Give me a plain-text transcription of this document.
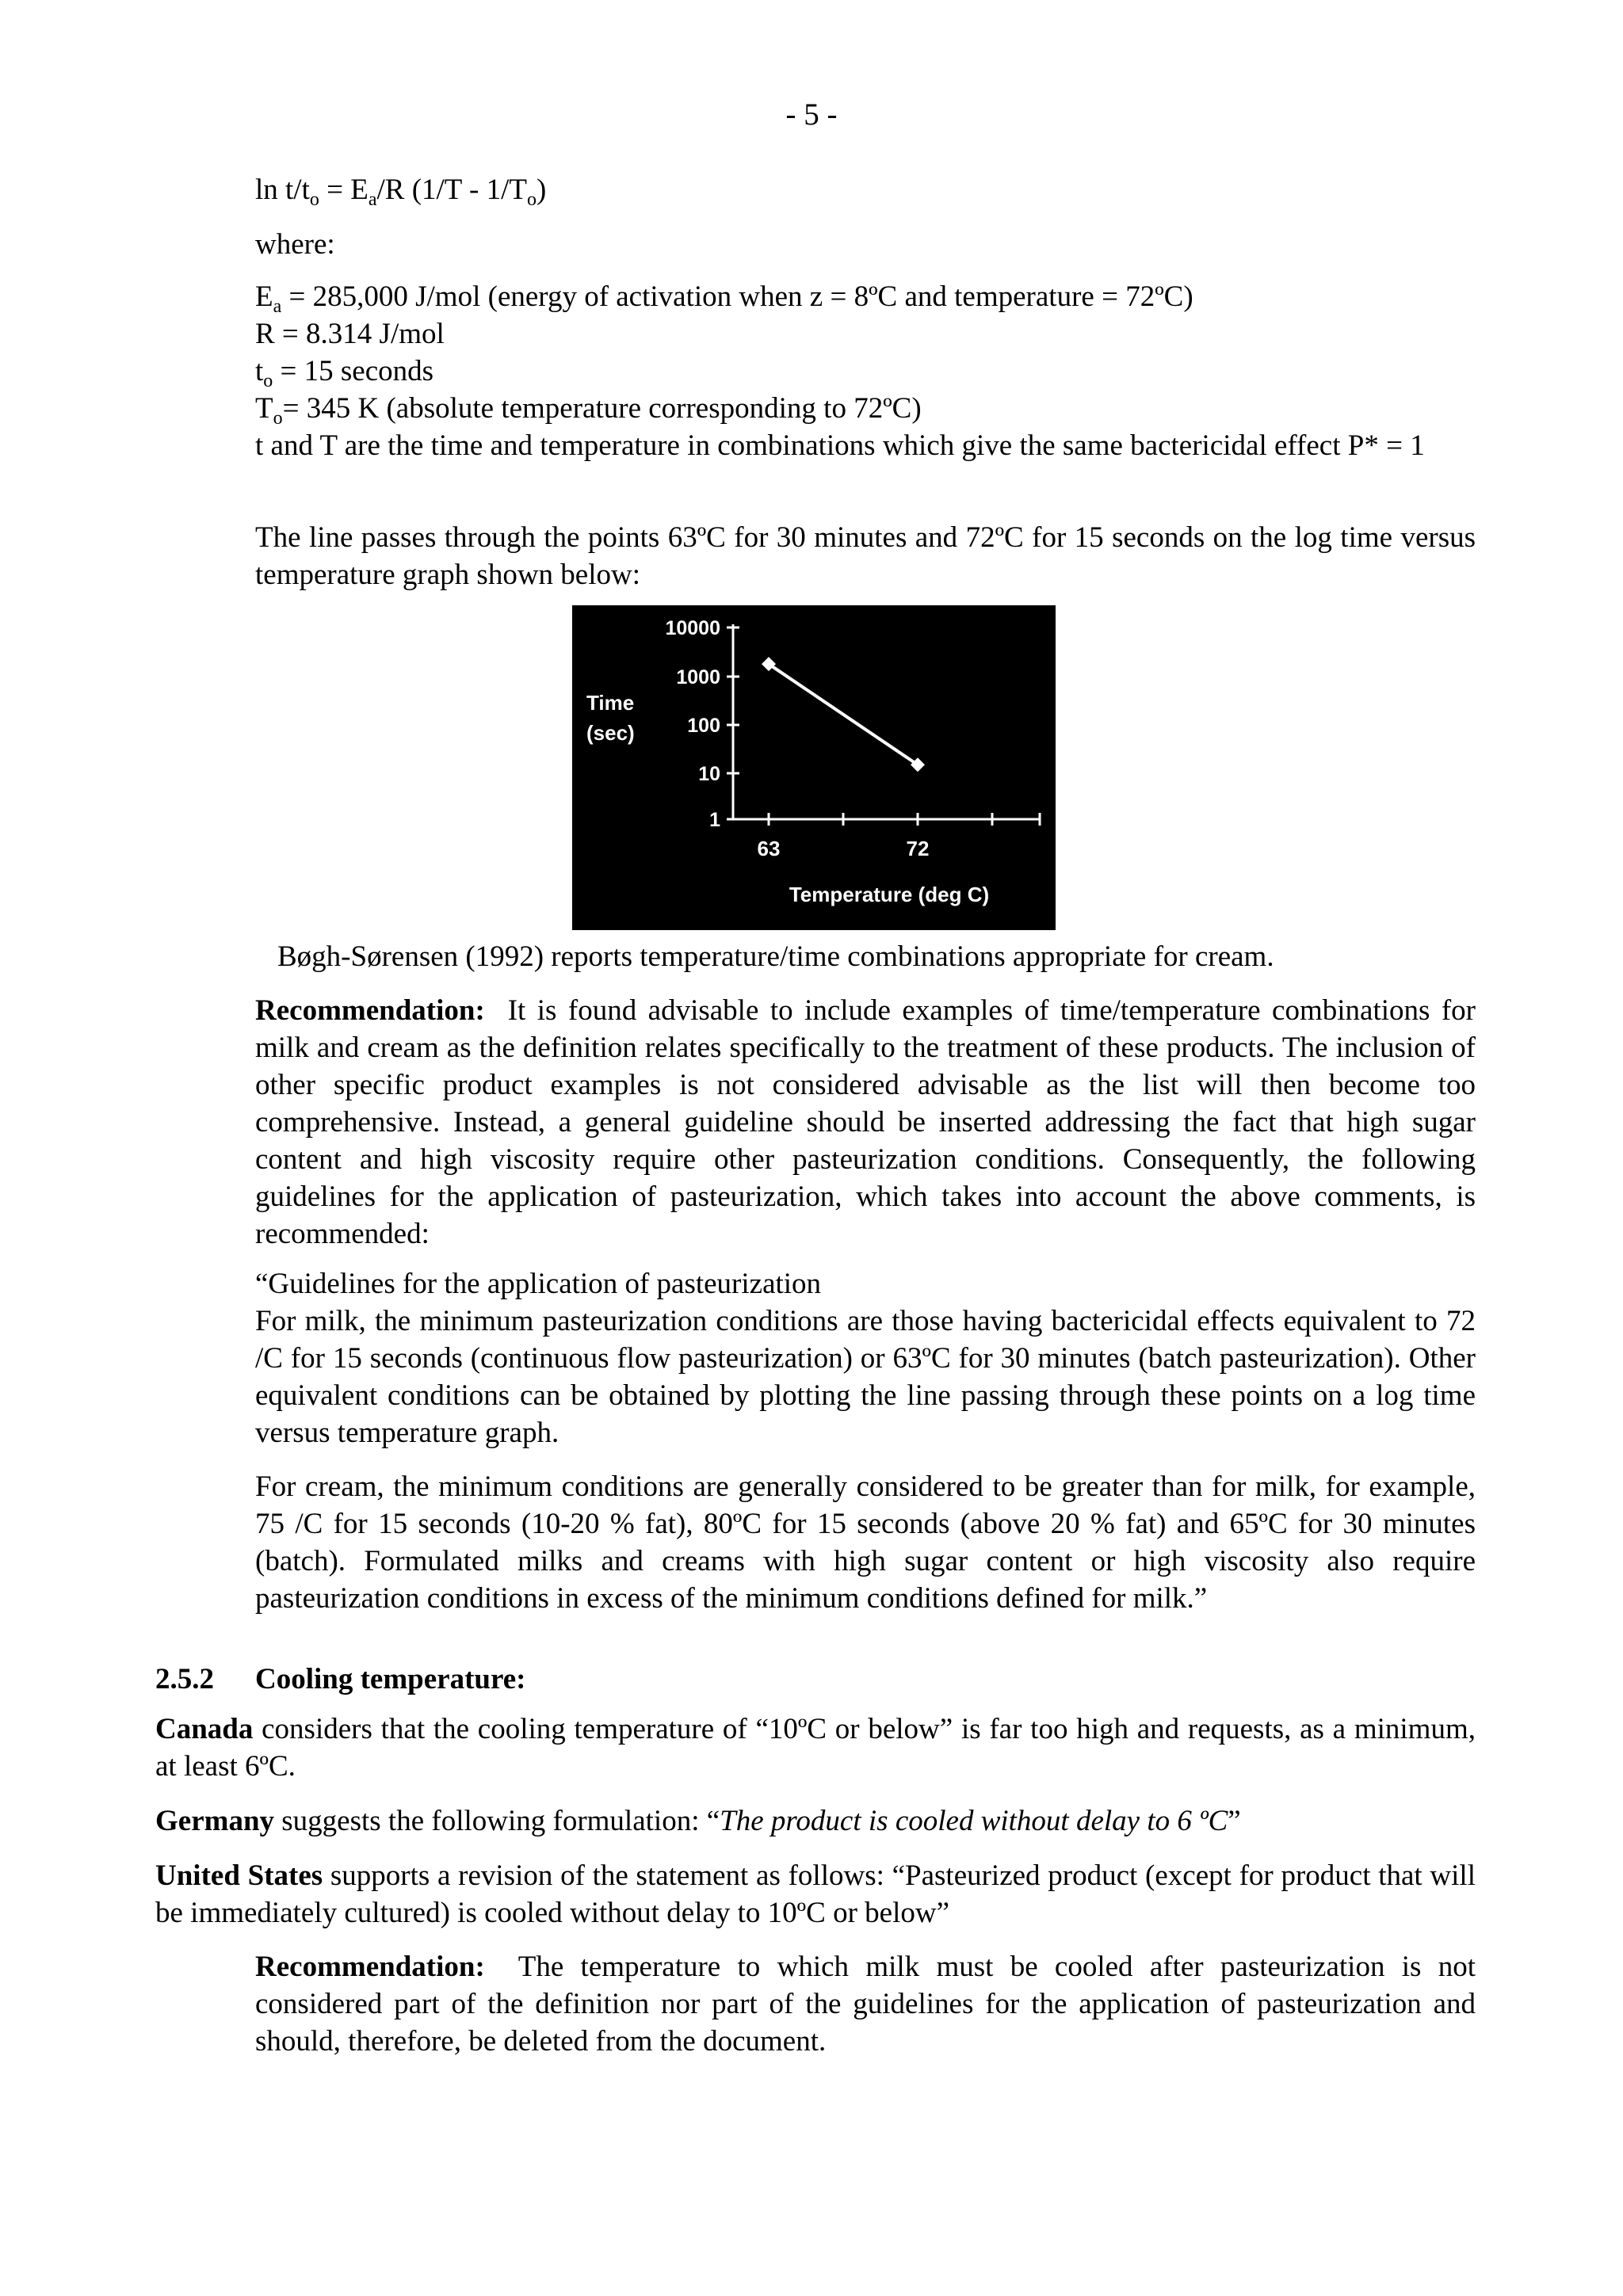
- 5 -

$\ln t/t_o = E_a/R$ $(1/T - 1/T_o)$

where:

$E_a = 285,000$ J/mol (energy of activation when z = 8ºC and temperature = 72ºC)

R = 8.314 J/mol

$t_o = 15$ seconds

$T_o= 345$ K (absolute temperature corresponding to 72ºC)

t and T are the time and temperature in combinations which give the same bactericidal effect P* = 1

The line passes through the points 63ºC for 30 minutes and 72ºC for 15 seconds on the log time versus temperature graph shown below:

10000
1000
100
10
1
63	72
Time
(sec)
Temperature (deg C)

Bøgh-Sørensen (1992) reports temperature/time combinations appropriate for cream.

Recommendation: It is found advisable to include examples of time/temperature combinations for milk and cream as the definition relates specifically to the treatment of these products. The inclusion of other specific product examples is not considered advisable as the list will then become too comprehensive. Instead, a general guideline should be inserted addressing the fact that high sugar content and high viscosity require other pasteurization conditions. Consequently, the following guidelines for the application of pasteurization, which takes into account the above comments, is recommended:

“Guidelines for the application of pasteurization

For milk, the minimum pasteurization conditions are those having bactericidal effects equivalent to 72 /C for 15 seconds (continuous flow pasteurization) or 63ºC for 30 minutes (batch pasteurization). Other equivalent conditions can be obtained by plotting the line passing through these points on a log time versus temperature graph.

For cream, the minimum conditions are generally considered to be greater than for milk, for example, 75 /C for 15 seconds (10-20 % fat), 80ºC for 15 seconds (above 20 % fat) and 65ºC for 30 minutes (batch). Formulated milks and creams with high sugar content or high viscosity also require pasteurization conditions in excess of the minimum conditions defined for milk.”

2.5.2 Cooling temperature:

Canada considers that the cooling temperature of “10ºC or below” is far too high and requests, as a minimum, at least 6ºC.

Germany suggests the following formulation: “The product is cooled without delay to 6 ºC”

United States supports a revision of the statement as follows: “Pasteurized product (except for product that will be immediately cultured) is cooled without delay to 10ºC or below”

Recommendation: The temperature to which milk must be cooled after pasteurization is not considered part of the definition nor part of the guidelines for the application of pasteurization and should, therefore, be deleted from the document.
